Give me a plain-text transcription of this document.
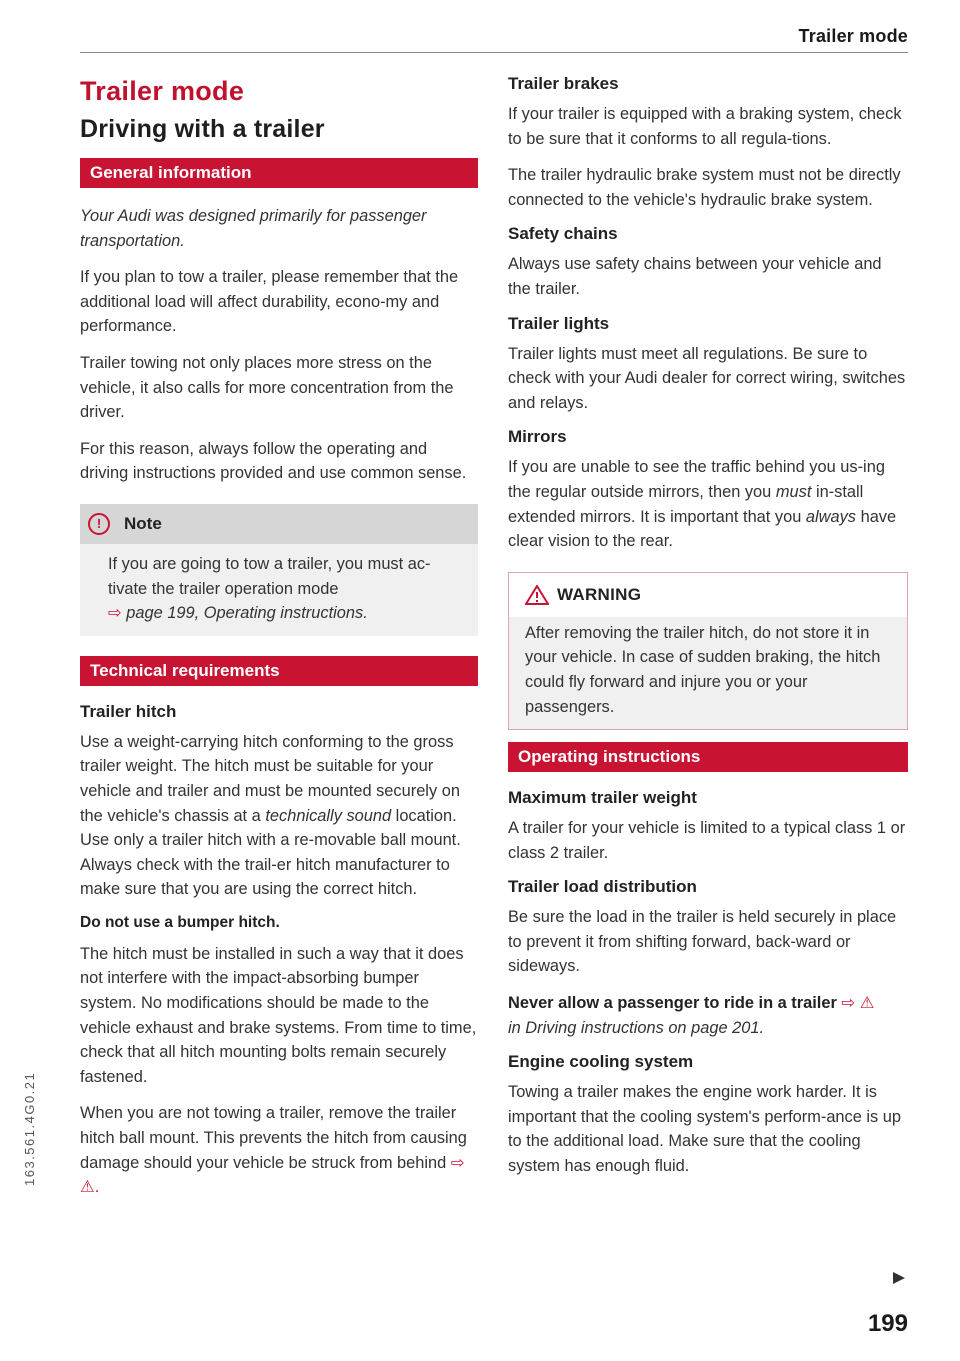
Trailer mode
Trailer mode
Driving with a trailer
General information

Your Audi was designed primarily for passenger transportation.

If you plan to tow a trailer, please remember that the additional load will affect durability, econo-my and performance.

Trailer towing not only places more stress on the vehicle, it also calls for more concentration from the driver.

For this reason, always follow the operating and driving instructions provided and use common sense.

!	Note

If you are going to tow a trailer, you must ac-tivate the trailer operation mode
⇨ page 199, Operating instructions.

Technical requirements
Trailer hitch

Use a weight-carrying hitch conforming to the gross trailer weight. The hitch must be suitable for your vehicle and trailer and must be mounted securely on the vehicle's chassis at a technically sound location. Use only a trailer hitch with a re-movable ball mount. Always check with the trail-er hitch manufacturer to make sure that you are using the correct hitch.

Do not use a bumper hitch.

The hitch must be installed in such a way that it does not interfere with the impact-absorbing bumper system. No modifications should be made to the vehicle exhaust and brake systems. From time to time, check that all hitch mounting bolts remain securely fastened.

When you are not towing a trailer, remove the trailer hitch ball mount. This prevents the hitch from causing damage should your vehicle be struck from behind ⇨ ⚠.

Trailer brakes

If your trailer is equipped with a braking system, check to be sure that it conforms to all regula-tions.

The trailer hydraulic brake system must not be directly connected to the vehicle's hydraulic brake system.

Safety chains

Always use safety chains between your vehicle and the trailer.

Trailer lights

Trailer lights must meet all regulations. Be sure to check with your Audi dealer for correct wiring, switches and relays.

Mirrors

If you are unable to see the traffic behind you us-ing the regular outside mirrors, then you must in-stall extended mirrors. It is important that you always have clear vision to the rear.

WARNING

After removing the trailer hitch, do not store it in your vehicle. In case of sudden braking, the hitch could fly forward and injure you or your passengers.

Operating instructions
Maximum trailer weight

A trailer for your vehicle is limited to a typical class 1 or class 2 trailer.

Trailer load distribution

Be sure the load in the trailer is held securely in place to prevent it from shifting forward, back-ward or sideways.

Never allow a passenger to ride in a trailer ⇨ ⚠
in Driving instructions on page 201.

Engine cooling system

Towing a trailer makes the engine work harder. It is important that the cooling system's perform-ance is up to the additional load. Make sure that the cooling system has enough fluid.

199
163.561.4G0.21
